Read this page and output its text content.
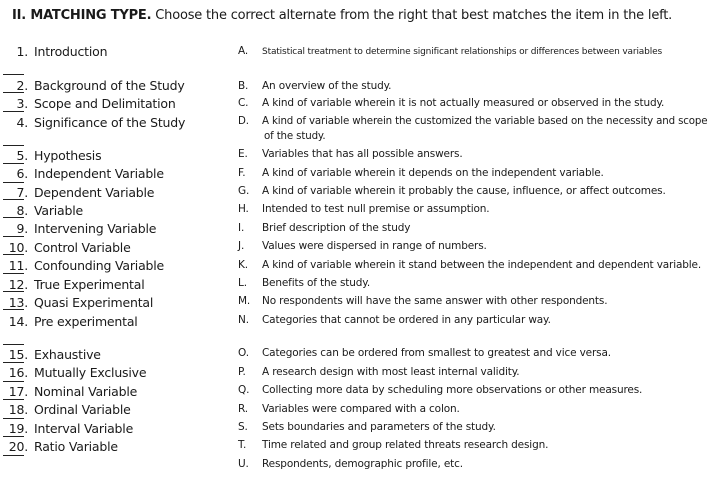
II. MATCHING TYPE. Choose the correct alternate from the right that best matches the item in the left.
1. Introduction
2. Background of the Study
3. Scope and Delimitation
4. Significance of the Study
5. Hypothesis
6. Independent Variable
7. Dependent Variable
8. Variable
9. Intervening Variable
10. Control Variable
11. Confounding Variable
12. True Experimental
13. Quasi Experimental
14. Pre experimental
15. Exhaustive
16. Mutually Exclusive
17. Nominal Variable
18. Ordinal Variable
19. Interval Variable
20. Ratio Variable
A. Statistical treatment to determine significant relationships or differences between variables
B. An overview of the study.
C. A kind of variable wherein it is not actually measured or observed in the study.
D. A kind of variable wherein the customized the variable based on the necessity and scope
of the study.
E. Variables that has all possible answers.
F. A kind of variable wherein it depends on the independent variable.
G. A kind of variable wherein it probably the cause, influence, or affect outcomes.
H. Intended to test null premise or assumption.
I. Brief description of the study
J. Values were dispersed in range of numbers.
K. A kind of variable wherein it stand between the independent and dependent variable.
L. Benefits of the study.
M. No respondents will have the same answer with other respondents.
N. Categories that cannot be ordered in any particular way.
O. Categories can be ordered from smallest to greatest and vice versa.
P. A research design with most least internal validity.
Q. Collecting more data by scheduling more observations or other measures.
R. Variables were compared with a colon.
S. Sets boundaries and parameters of the study.
T. Time related and group related threats research design.
U. Respondents, demographic profile, etc.
